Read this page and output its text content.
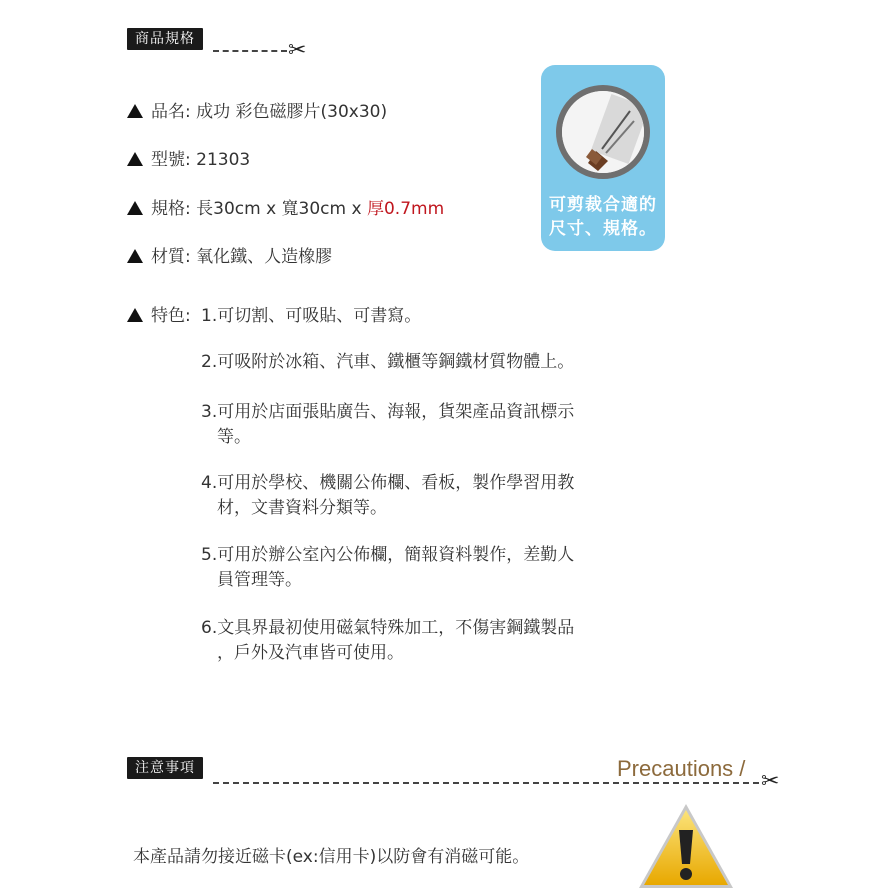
商品規格	✂
品名: 成功 彩色磁膠片(30x30)
型號: 21303
規格: 長30cm x 寬30cm x 厚0.7mm
材質: 氧化鐵、人造橡膠
特色: 1.可切割、可吸貼、可書寫。
2.可吸附於冰箱、汽車、鐵櫃等鋼鐵材質物體上。
3.可用於店面張貼廣告、海報，貨架產品資訊標示
等。
4.可用於學校、機關公佈欄、看板，製作學習用教
材，文書資料分類等。
5.可用於辦公室內公佈欄，簡報資料製作，差勤人
員管理等。
6.文具界最初使用磁氣特殊加工，不傷害鋼鐵製品
，戶外及汽車皆可使用。
可剪裁合適的
尺寸、規格。
注意事項	Precautions /
✂
本產品請勿接近磁卡(ex:信用卡)以防會有消磁可能。
